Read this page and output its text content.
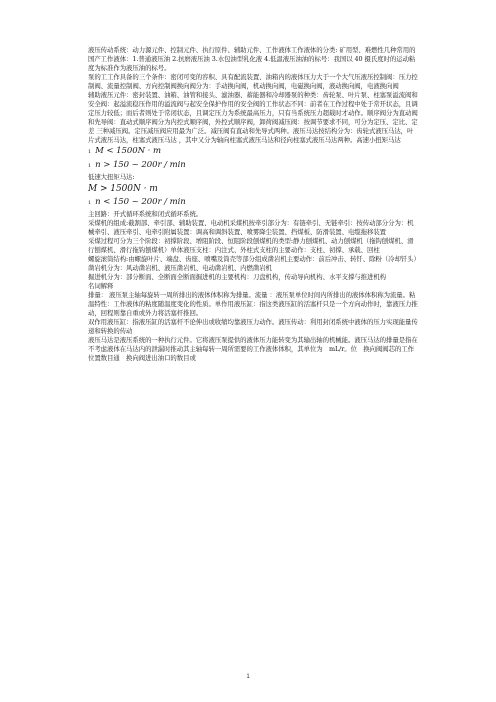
液压传动系统：动力源元件、控制元件、执行原件、辅助元件、工作液体工作液体的分类: 矿用型、难燃性几种常用的国产工作液体：1.普通液压油 2.抗磨液压油 3.水包油型乳化液 4.低温液压油油的标号：我国以 40 摄氏度时的运动粘度为标准作为液压油的标号。

泵的工工作具备的三个条件：密闭可变的容积、具有配流装置、油箱内的液体压力大于一个大气压液压控制阀：压力控制阀、流量控制阀、方向控制阀换向阀分为：手动换向阀，机动换向阀，电磁换向阀，液动换向阀，电液换向阀

辅助液压元件：密封装置、油箱、油管和接头、滤油器、蓄能器和冷却器泵的种类：齿轮泵、叶片泵、柱塞泵溢流阀和安全阀：起溢流稳压作用的溢流阀与起安全保护作用的安全阀的工作状态不同：前者在工作过程中处于常开状态，且调定压力较低；而后者则处于常闭状态，且调定压力为系统最高压力，只有当系统压力超载时才动作。顺序阀分为直动阀和先导阀：直动式顺序阀分为内控式顺序阀，外控式顺序阀，卸荷阀减压阀：按调节要求不同，可分为定压、定比、定差 三种减压阀。定压减压阀应用最为广泛。减压阀有直动和先导式两种。液压马达按结构分为：齿轮式液压马达，叶片式液压马达，柱塞式液压马达 ，其中又分为轴向柱塞式液压马达和径向柱塞式液压马达两种。高速小扭矩马达

1 M < 1500N · m

1 n > 150 ~ 200r / min

低速大扭矩马达:

M > 1500N · m

1 n < 150 ~ 200r / min

主回路：开式循环系统和闭式循环系统。

采煤机的组成:截割部、牵引部、辅助装置、电动机采煤机按牵引部分为：有链牵引、无链牵引：按传动部分分为：机械牵引、液压牵引、电牵引附属装置：调高和调斜装置、喷雾降尘装置、挡煤板、防滑装置、电缆拖移装置

采煤过程可分为三个阶段：初撑阶段、增阻阶段、恒阻阶段刨煤机的类型:静力刨煤机、动力刨煤机（拖钩刨煤机、滑行刨煤机、滑行拖钩刨煤机）单体液压支柱：内注式、外柱式支柱的主要动作：支柱、初撑、承载、回柱

螺旋滚筒结构:由螺旋叶片、端盘、齿座、喷嘴及筒壳等部分组成凿岩机主要动作：前后冲击、转钎、除粉（冷却钎头）凿岩机分为：风动凿岩机、液压凿岩机、电动凿岩机、内燃凿岩机

掘进机分为：部分断面、全断面全断面掘进机的主要机构：刀盘机构，传动导向机构、水平支撑与推进机构

名词解释

排量： 液压泵主轴每旋转一周所排出的液体体积称为排量。流量 ：液压泵单位时间内所排出的液体体积称为流量。粘温特性：工作液体的粘度随温度变化的性质。单作用液压缸：指这类液压缸的活塞杆只是一个方向动作时，靠液压力推动，回程则靠自重或外力将活塞杆推回。

双作用液压缸：指液压缸的活塞杆不论伸出或收缩均靠液压力动作。液压传动：利用封闭系统中液体的压力实现能量传递和转换的传动

液压马达是液压系统的一种执行元件。它将液压泵提供的液体压力能转变为其输出轴的机械能。液压马达的排量是指在不考虑液体在马达内的泄漏时推动其主轴每转一周所需要的工作液体体积，其单位为　mL/r。位　换向阀阀芯的工作位置数目通　换向阀进出油口的数目或

1
